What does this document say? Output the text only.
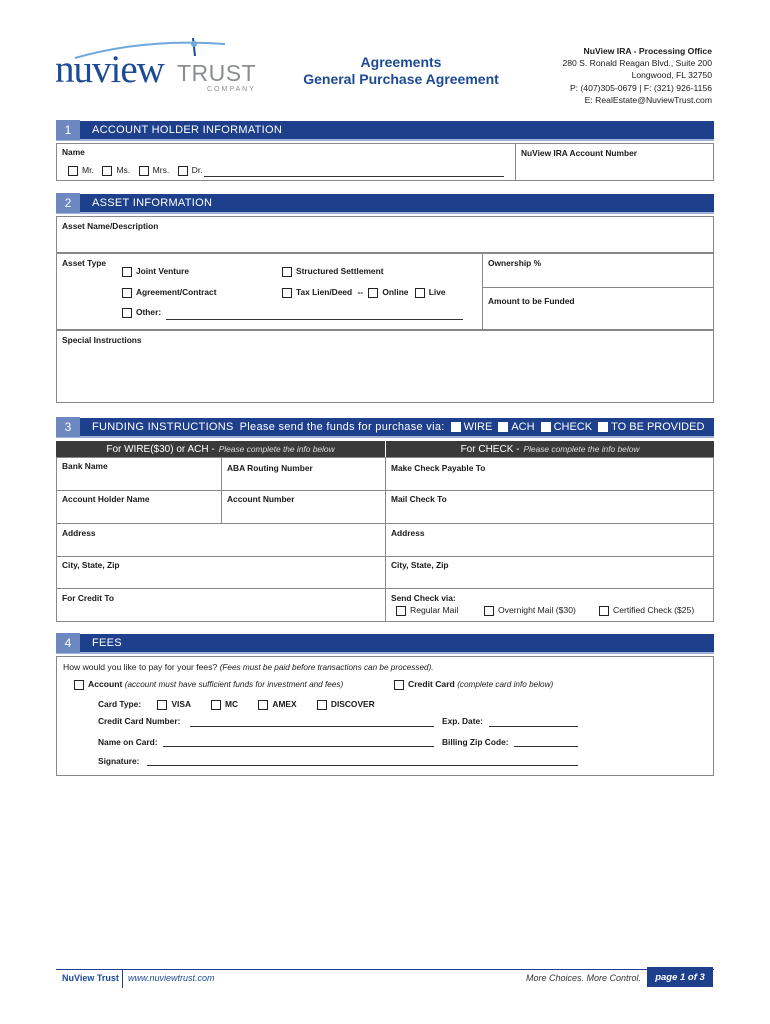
nuview TRUST
COMPANY
Agreements
General Purchase Agreement
NuView IRA - Processing Office
280 S. Ronald Reagan Blvd., Suite 200
Longwood, FL 32750
P: (407)305-0679 | F: (321) 926-1156
E: RealEstate@NuviewTrust.com
1	ACCOUNT HOLDER INFORMATION
Name
Mr.	Ms.	Mrs.	Dr.
NuView IRA Account Number
2	ASSET INFORMATION
Asset Name/Description
Asset Type
Joint Venture	Structured Settlement
Agreement/Contract	Tax Lien/Deed -- Online Live
Other:
Ownership %
Amount to be Funded
Special Instructions
3	FUNDING INSTRUCTIONS Please send the funds for purchase via: WIRE ACH CHECK TO BE PROVIDED
For WIRE($30) or ACH - Please complete the info below	For CHECK - Please complete the info below
Bank Name	ABA Routing Number	Make Check Payable To
Account Holder Name	Account Number	Mail Check To
Address	Address
City, State, Zip	City, State, Zip
For Credit To	Send Check via:
Regular Mail	Overnight Mail ($30)	Certified Check ($25)
4	FEES
How would you like to pay for your fees? (Fees must be paid before transactions can be processed).
Account (account must have sufficient funds for investment and fees)	Credit Card (complete card info below)
Card Type:	VISA	MC	AMEX	DISCOVER
Credit Card Number:	Exp. Date:
Name on Card:	Billing Zip Code:
Signature:
NuView Trust www.nuviewtrust.com	More Choices. More Control.	page 1 of 3
